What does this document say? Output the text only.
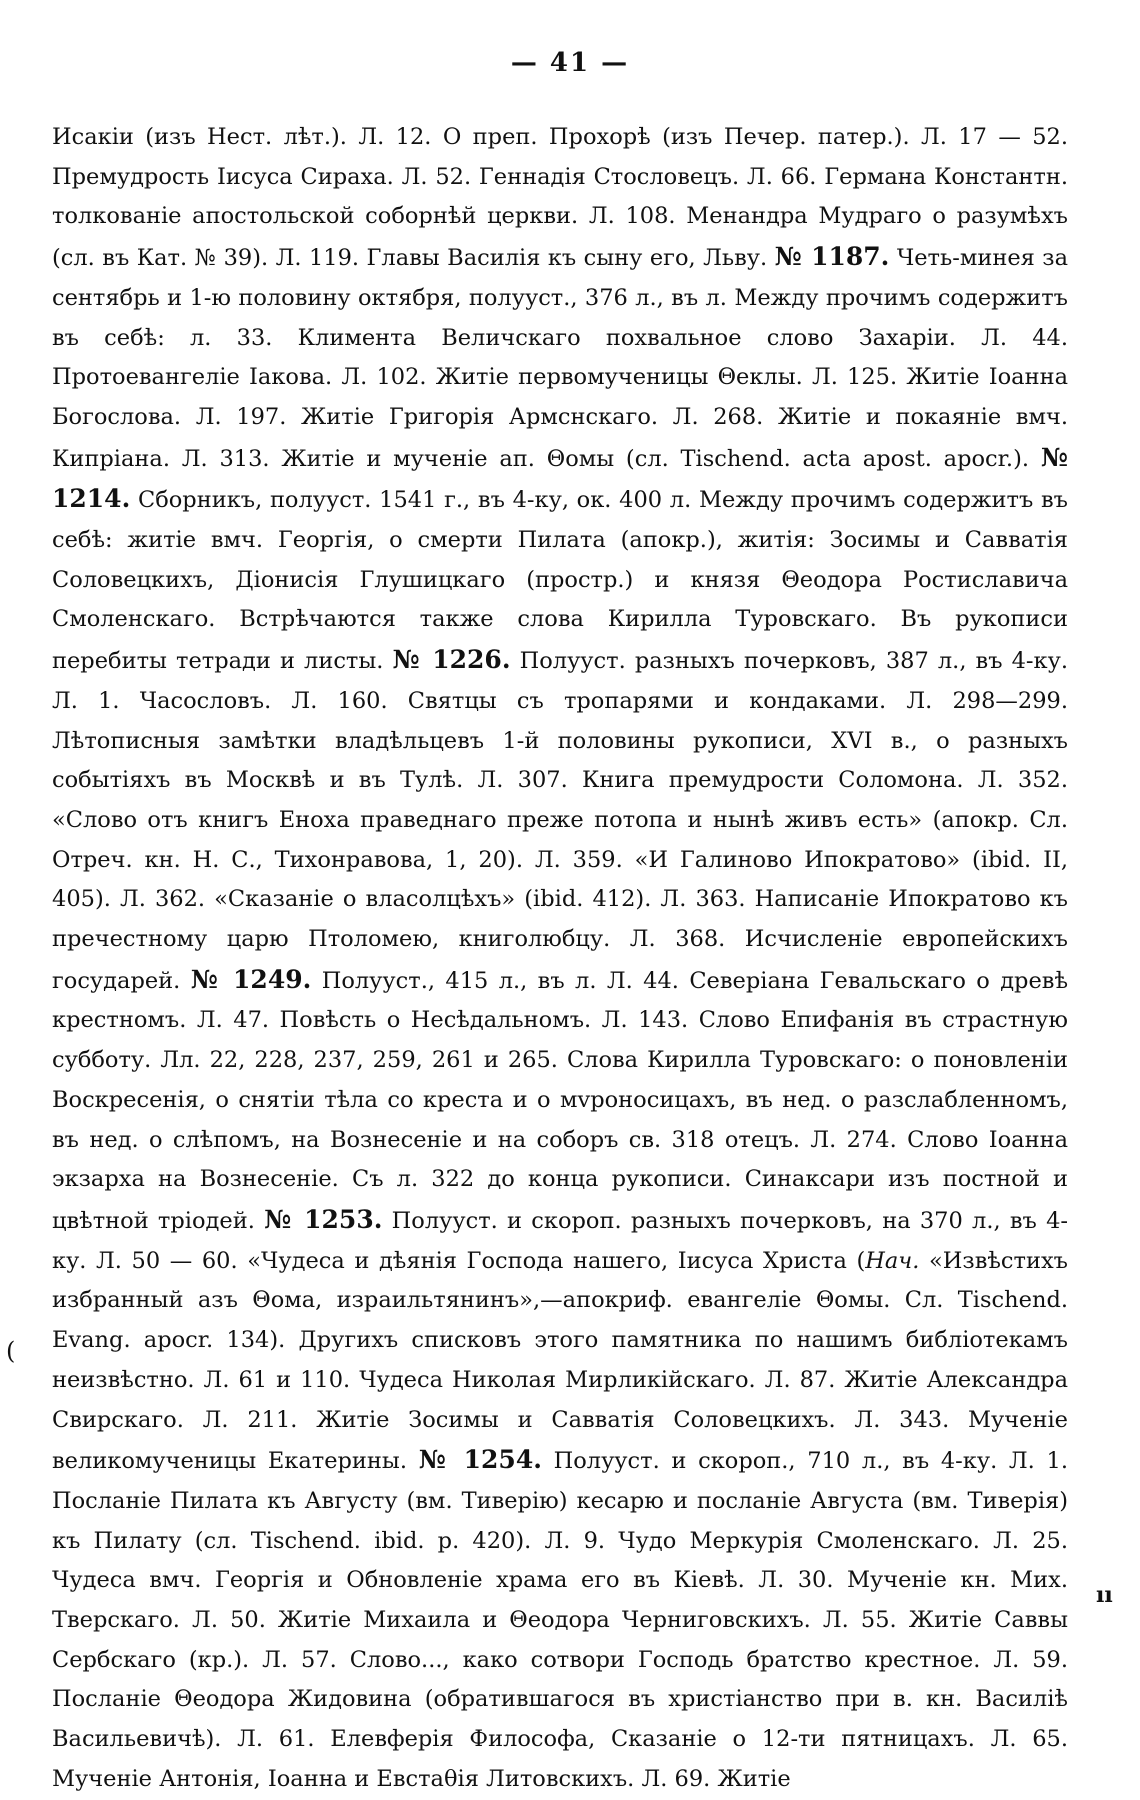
— 41 —

Исакіи (изъ Нест. лѣт.). Л. 12. О преп. Прохорѣ (изъ Печер. патер.). Л. 17 — 52. Премудрость Іисуса Сираха. Л. 52. Геннадія Стословецъ. Л. 66. Германа Константн. толкованіе апостольской соборнѣй церкви. Л. 108. Менандра Мудраго о разумѣхъ (сл. въ Кат. № 39). Л. 119. Главы Василія къ сыну его, Льву. № 1187. Четь-минея за сентябрь и 1-ю половину октября, полууст., 376 л., въ л. Между прочимъ содержитъ въ себѣ: л. 33. Климента Величскаго похвальное слово Захаріи. Л. 44. Протоевангеліе Іакова. Л. 102. Житіе первомученицы Θеклы. Л. 125. Житіе Іоанна Богослова. Л. 197. Житіе Григорія Армснскаго. Л. 268. Житіе и покаяніе вмч. Кипріана. Л. 313. Житіе и мученіе ап. Θомы (сл. Tischend. acta apost. apocr.). № 1214. Сборникъ, полууст. 1541 г., въ 4-ку, ок. 400 л. Между прочимъ содержитъ въ себѣ: житіе вмч. Георгія, о смерти Пилата (апокр.), житія: Зосимы и Савватія Соловецкихъ, Діонисія Глушицкаго (простр.) и князя Θеодора Ростиславича Смоленскаго. Встрѣчаются также слова Кирилла Туровскаго. Въ рукописи перебиты тетради и листы. № 1226. Полууст. разныхъ почерковъ, 387 л., въ 4-ку. Л. 1. Часословъ. Л. 160. Святцы съ тропарями и кондаками. Л. 298—299. Лѣтописныя замѣтки владѣльцевъ 1-й половины рукописи, XVI в., о разныхъ событіяхъ въ Москвѣ и въ Тулѣ. Л. 307. Книга премудрости Соломона. Л. 352. «Слово отъ книгъ Еноха праведнаго преже потопа и нынѣ живъ есть» (апокр. Сл. Отреч. кн. Н. С., Тихонравова, 1, 20). Л. 359. «И Галиново Ипократово» (ibid. II, 405). Л. 362. «Сказаніе о власолцѣхъ» (ibid. 412). Л. 363. Написаніе Ипократово къ пречестному царю Птоломею, книголюбцу. Л. 368. Исчисленіе европейскихъ государей. № 1249. Полууст., 415 л., въ л. Л. 44. Северіана Гевальскаго о древѣ крестномъ. Л. 47. Повѣсть о Несѣдальномъ. Л. 143. Слово Епифанія въ страстную субботу. Лл. 22, 228, 237, 259, 261 и 265. Слова Кирилла Туровскаго: о поновленіи Воскресенія, о снятіи тѣла со креста и о мvроносицахъ, въ нед. о разслабленномъ, въ нед. о слѣпомъ, на Вознесеніе и на соборъ св. 318 отецъ. Л. 274. Слово Іоанна экзарха на Вознесеніе. Съ л. 322 до конца рукописи. Синаксари изъ постной и цвѣтной тріодей. № 1253. Полууст. и скороп. разныхъ почерковъ, на 370 л., въ 4-ку. Л. 50 — 60. «Чудеса и дѣянія Господа нашего, Іисуса Христа (Нач. «Извѣстихъ избранный азъ Θома, израильтянинъ»,—апокриф. евангеліе Θомы. Сл. Tischend. Evang. apocr. 134). Другихъ списковъ этого памятника по нашимъ библіотекамъ неизвѣстно. Л. 61 и 110. Чудеса Николая Мирликійскаго. Л. 87. Житіе Александра Свирскаго. Л. 211. Житіе Зосимы и Савватія Соловецкихъ. Л. 343. Мученіе великомученицы Екатерины. № 1254. Полууст. и скороп., 710 л., въ 4-ку. Л. 1. Посланіе Пилата къ Августу (вм. Тиверію) кесарю и посланіе Августа (вм. Тиверія) къ Пилату (сл. Tischend. ibid. p. 420). Л. 9. Чудо Меркурія Смоленскаго. Л. 25. Чудеса вмч. Георгія и Обновленіе храма его въ Кіевѣ. Л. 30. Мученіе кн. Мих. Тверскаго. Л. 50. Житіе Михаила и Θеодора Черниговскихъ. Л. 55. Житіе Саввы Сербскаго (кр.). Л. 57. Слово..., како сотвори Господь братство крестное. Л. 59. Посланіе Θеодора Жидовина (обратившагося въ христіанство при в. кн. Василіѣ Васильевичѣ). Л. 61. Елевферія Философа, Сказаніе о 12-ти пятницахъ. Л. 65. Мученіе Антонія, Іоанна и Евстаθія Литовскихъ. Л. 69. Житіе

(
ıı
